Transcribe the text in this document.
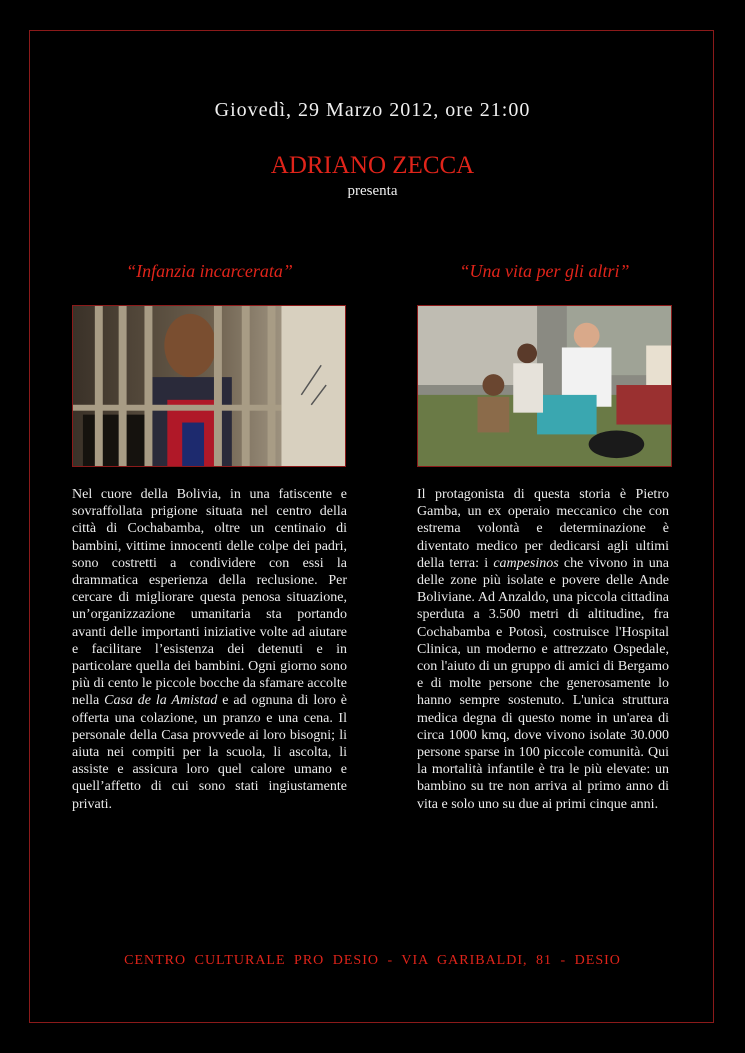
Giovedì, 29 Marzo 2012, ore 21:00
ADRIANO ZECCA
presenta
“Infanzia incarcerata”	“Una vita per gli altri”
Nel cuore della Bolivia, in una fatiscente e sovraffollata prigione situata nel centro della città di Cochabamba, oltre un centinaio di bambini, vittime innocenti delle colpe dei padri, sono costretti a condividere con essi la drammatica esperienza della reclusione. Per cercare di migliorare questa penosa situazione, un’organizzazione umanitaria sta portando avanti delle importanti iniziative volte ad aiutare e facilitare l’esistenza dei detenuti e in particolare quella dei bambini. Ogni giorno sono più di cento le piccole bocche da sfamare accolte nella Casa de la Amistad e ad ognuna di loro è offerta una colazione, un pranzo e una cena. Il personale della Casa provvede ai loro bisogni; li aiuta nei compiti per la scuola, li ascolta, li assiste e assicura loro quel calore umano e quell’affetto di cui sono stati ingiustamente privati.
Il protagonista di questa storia è Pietro Gamba, un ex operaio meccanico che con estrema volontà e determinazione è diventato medico per dedicarsi agli ultimi della terra: i campesinos che vivono in una delle zone più isolate e povere delle Ande Boliviane. Ad Anzaldo, una piccola cittadina sperduta a 3.500 metri di altitudine, fra Cochabamba e Potosì, costruisce l'Hospital Clinica, un moderno e attrezzato Ospedale, con l'aiuto di un gruppo di amici di Bergamo e di molte persone che generosamente lo hanno sempre sostenuto. L'unica struttura medica degna di questo nome in un'area di circa 1000 kmq, dove vivono isolate 30.000 persone sparse in 100 piccole comunità. Qui la mortalità infantile è tra le più elevate: un bambino su tre non arriva al primo anno di vita e solo uno su due ai primi cinque anni.
CENTRO CULTURALE PRO DESIO - VIA GARIBALDI, 81 - DESIO
